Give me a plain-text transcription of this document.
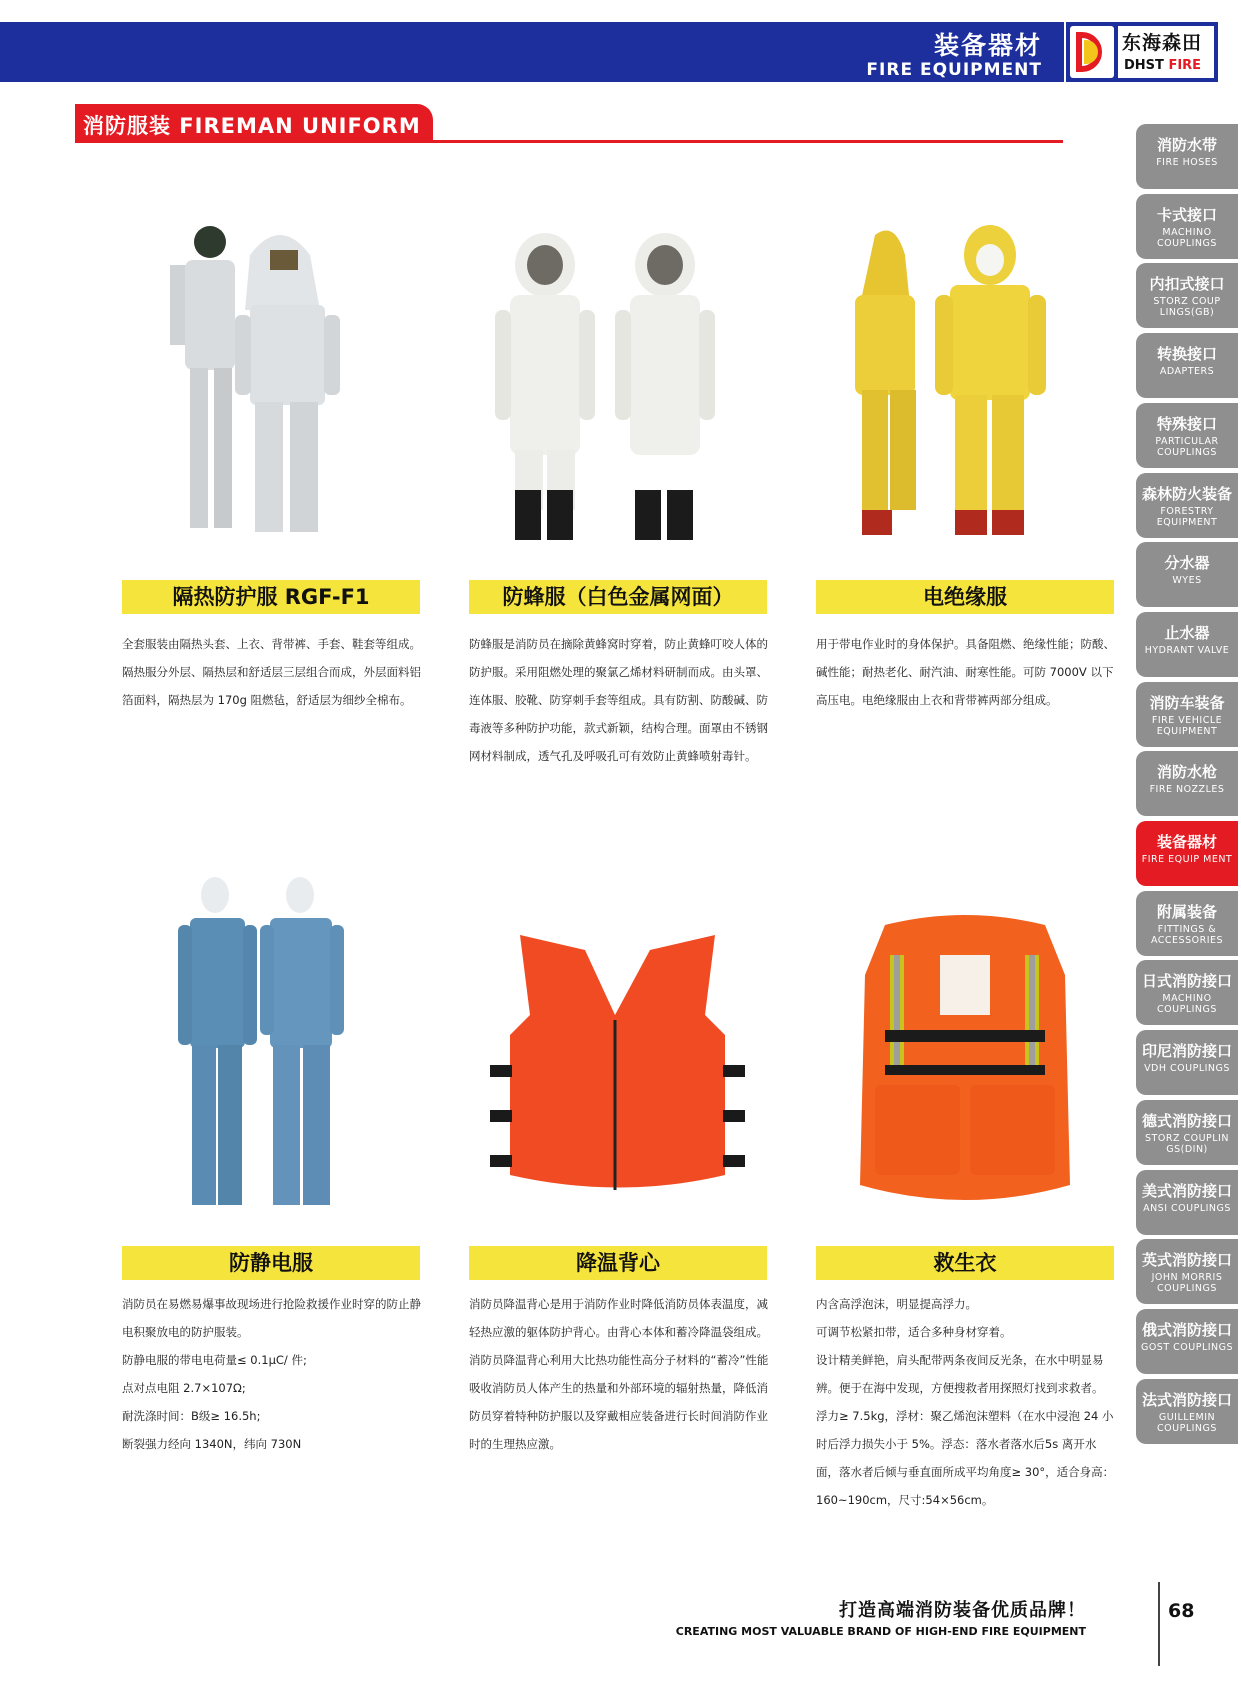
装备器材
FIRE EQUIPMENT
东海森田
DHST FIRE
消防服装 FIREMAN UNIFORM
隔热防护服 RGF-F1

全套服装由隔热头套、上衣、背带裤、手套、鞋套等组成。隔热服分外层、隔热层和舒适层三层组合而成，外层面料铝箔面料，隔热层为 170g 阻燃毡，舒适层为细纱全棉布。

防蜂服（白色金属网面）

防蜂服是消防员在摘除黄蜂窝时穿着，防止黄蜂叮咬人体的防护服。采用阻燃处理的聚氯乙烯材料研制而成。由头罩、连体服、胶靴、防穿刺手套等组成。具有防割、防酸碱、防毒液等多种防护功能，款式新颖，结构合理。面罩由不锈钢网材料制成，透气孔及呼吸孔可有效防止黄蜂喷射毒针。

电绝缘服

用于带电作业时的身体保护。具备阻燃、绝缘性能；防酸、碱性能；耐热老化、耐汽油、耐寒性能。可防 7000V 以下高压电。电绝缘服由上衣和背带裤两部分组成。

防静电服

消防员在易燃易爆事故现场进行抢险救援作业时穿的防止静电积聚放电的防护服装。

防静电服的带电电荷量≤ 0.1μC/ 件;

点对点电阻 2.7×107Ω;

耐洗涤时间：B级≥ 16.5h;

断裂强力经向 1340N，纬向 730N

降温背心

消防员降温背心是用于消防作业时降低消防员体表温度，减轻热应激的躯体防护背心。由背心本体和蓄冷降温袋组成。消防员降温背心利用大比热功能性高分子材料的“蓄冷”性能吸收消防员人体产生的热量和外部环境的辐射热量，降低消防员穿着特种防护服以及穿戴相应装备进行长时间消防作业时的生理热应激。

救生衣

内含高浮泡沫，明显提高浮力。

可调节松紧扣带，适合多种身材穿着。

设计精美鲜艳，肩头配带两条夜间反光条，在水中明显易辨。便于在海中发现，方便搜救者用探照灯找到求救者。

浮力≥ 7.5kg，浮材：聚乙烯泡沫塑料（在水中浸泡 24 小时后浮力损失小于 5%。浮态：落水者落水后5s 离开水面，落水者后倾与垂直面所成平均角度≥ 30°，适合身高：160~190cm，尺寸:54×56cm。

消防水带
FIRE HOSES
卡式接口
MACHINO COUPLINGS
内扣式接口
STORZ COUP LINGS(GB)
转换接口
ADAPTERS
特殊接口
PARTICULAR COUPLINGS
森林防火装备
FORESTRY EQUIPMENT
分水器
WYES
止水器
HYDRANT VALVE
消防车装备
FIRE VEHICLE EQUIPMENT
消防水枪
FIRE NOZZLES
装备器材
FIRE EQUIP MENT
附属装备
FITTINGS & ACCESSORIES
日式消防接口
MACHINO COUPLINGS
印尼消防接口
VDH COUPLINGS
德式消防接口
STORZ COUPLIN GS(DIN)
美式消防接口
ANSI COUPLINGS
英式消防接口
JOHN MORRIS COUPLINGS
俄式消防接口
GOST COUPLINGS
法式消防接口
GUILLEMIN COUPLINGS
打造高端消防装备优质品牌！
CREATING MOST VALUABLE BRAND OF HIGH-END FIRE EQUIPMENT
68
